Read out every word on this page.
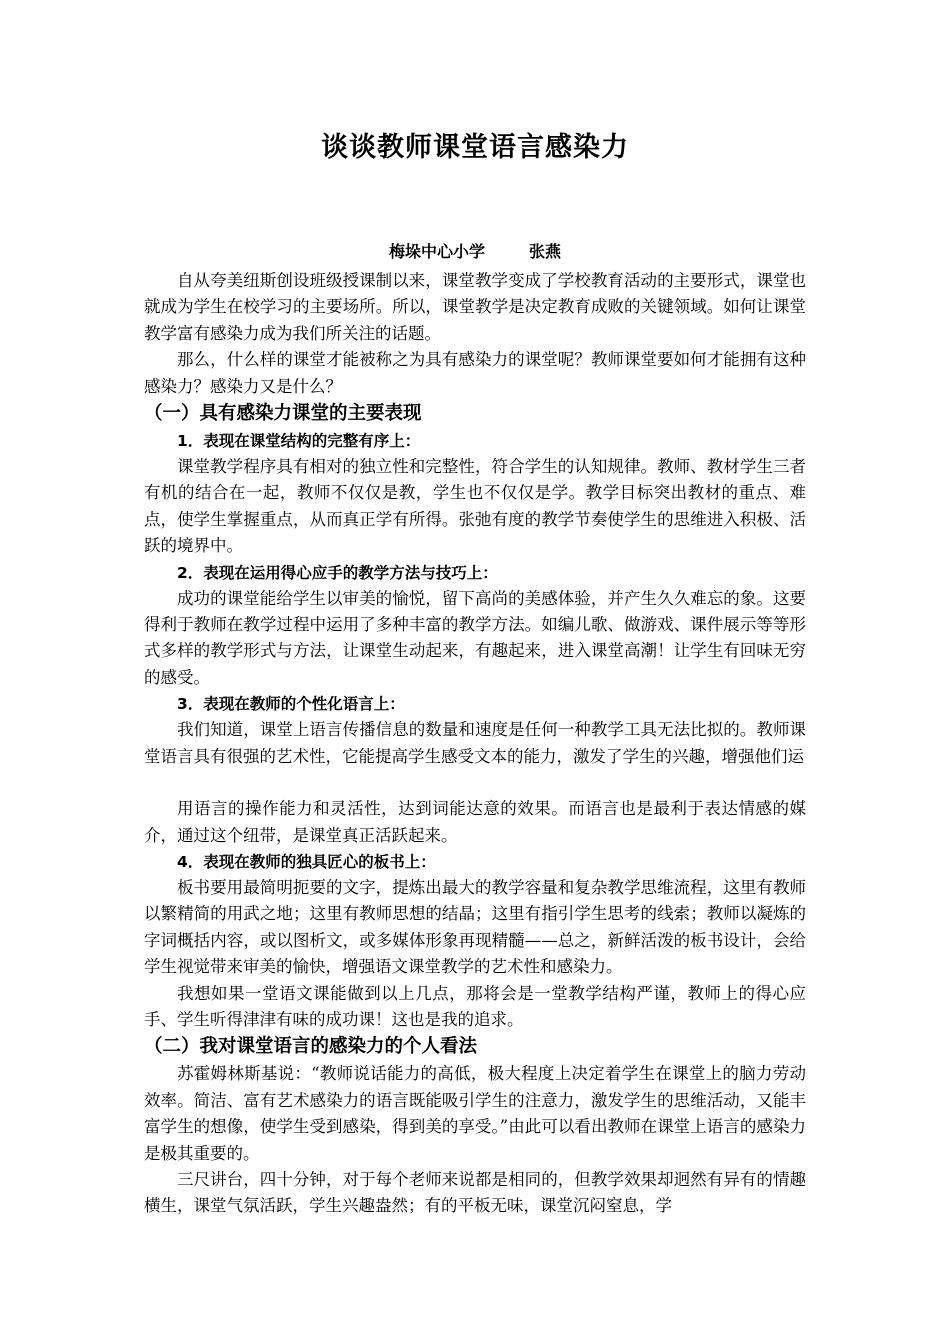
谈谈教师课堂语言感染力
梅垛中心小学	张燕

自从夸美纽斯创设班级授课制以来，课堂教学变成了学校教育活动的主要形式，课堂也就成为学生在校学习的主要场所。所以，课堂教学是决定教育成败的关键领域。如何让课堂教学富有感染力成为我们所关注的话题。

那么，什么样的课堂才能被称之为具有感染力的课堂呢？教师课堂要如何才能拥有这种感染力？感染力又是什么？

（一）具有感染力课堂的主要表现
1．表现在课堂结构的完整有序上：

课堂教学程序具有相对的独立性和完整性，符合学生的认知规律。教师、教材学生三者有机的结合在一起，教师不仅仅是教，学生也不仅仅是学。教学目标突出教材的重点、难点，使学生掌握重点，从而真正学有所得。张弛有度的教学节奏使学生的思维进入积极、活跃的境界中。

2．表现在运用得心应手的教学方法与技巧上：

成功的课堂能给学生以审美的愉悦，留下高尚的美感体验，并产生久久难忘的象。这要得利于教师在教学过程中运用了多种丰富的教学方法。如编儿歌、做游戏、课件展示等等形式多样的教学形式与方法，让课堂生动起来，有趣起来，进入课堂高潮！让学生有回味无穷的感受。

3．表现在教师的个性化语言上：

我们知道，课堂上语言传播信息的数量和速度是任何一种教学工具无法比拟的。教师课堂语言具有很强的艺术性，它能提高学生感受文本的能力，激发了学生的兴趣，增强他们运

用语言的操作能力和灵活性，达到词能达意的效果。而语言也是最利于表达情感的媒介，通过这个纽带，是课堂真正活跃起来。

4．表现在教师的独具匠心的板书上：

板书要用最简明扼要的文字，提炼出最大的教学容量和复杂教学思维流程，这里有教师以繁精简的用武之地；这里有教师思想的结晶；这里有指引学生思考的线索；教师以凝炼的字词概括内容，或以图析文，或多媒体形象再现精髓——总之，新鲜活泼的板书设计，会给学生视觉带来审美的愉快，增强语文课堂教学的艺术性和感染力。

我想如果一堂语文课能做到以上几点，那将会是一堂教学结构严谨，教师上的得心应手、学生听得津津有味的成功课！这也是我的追求。

（二）我对课堂语言的感染力的个人看法

苏霍姆林斯基说：“教师说话能力的高低，极大程度上决定着学生在课堂上的脑力劳动效率。简洁、富有艺术感染力的语言既能吸引学生的注意力，激发学生的思维活动，又能丰富学生的想像，使学生受到感染，得到美的享受。”由此可以看出教师在课堂上语言的感染力是极其重要的。

三尺讲台，四十分钟，对于每个老师来说都是相同的，但教学效果却迥然有异有的情趣横生，课堂气氛活跃，学生兴趣盎然；有的平板无味，课堂沉闷窒息，学
